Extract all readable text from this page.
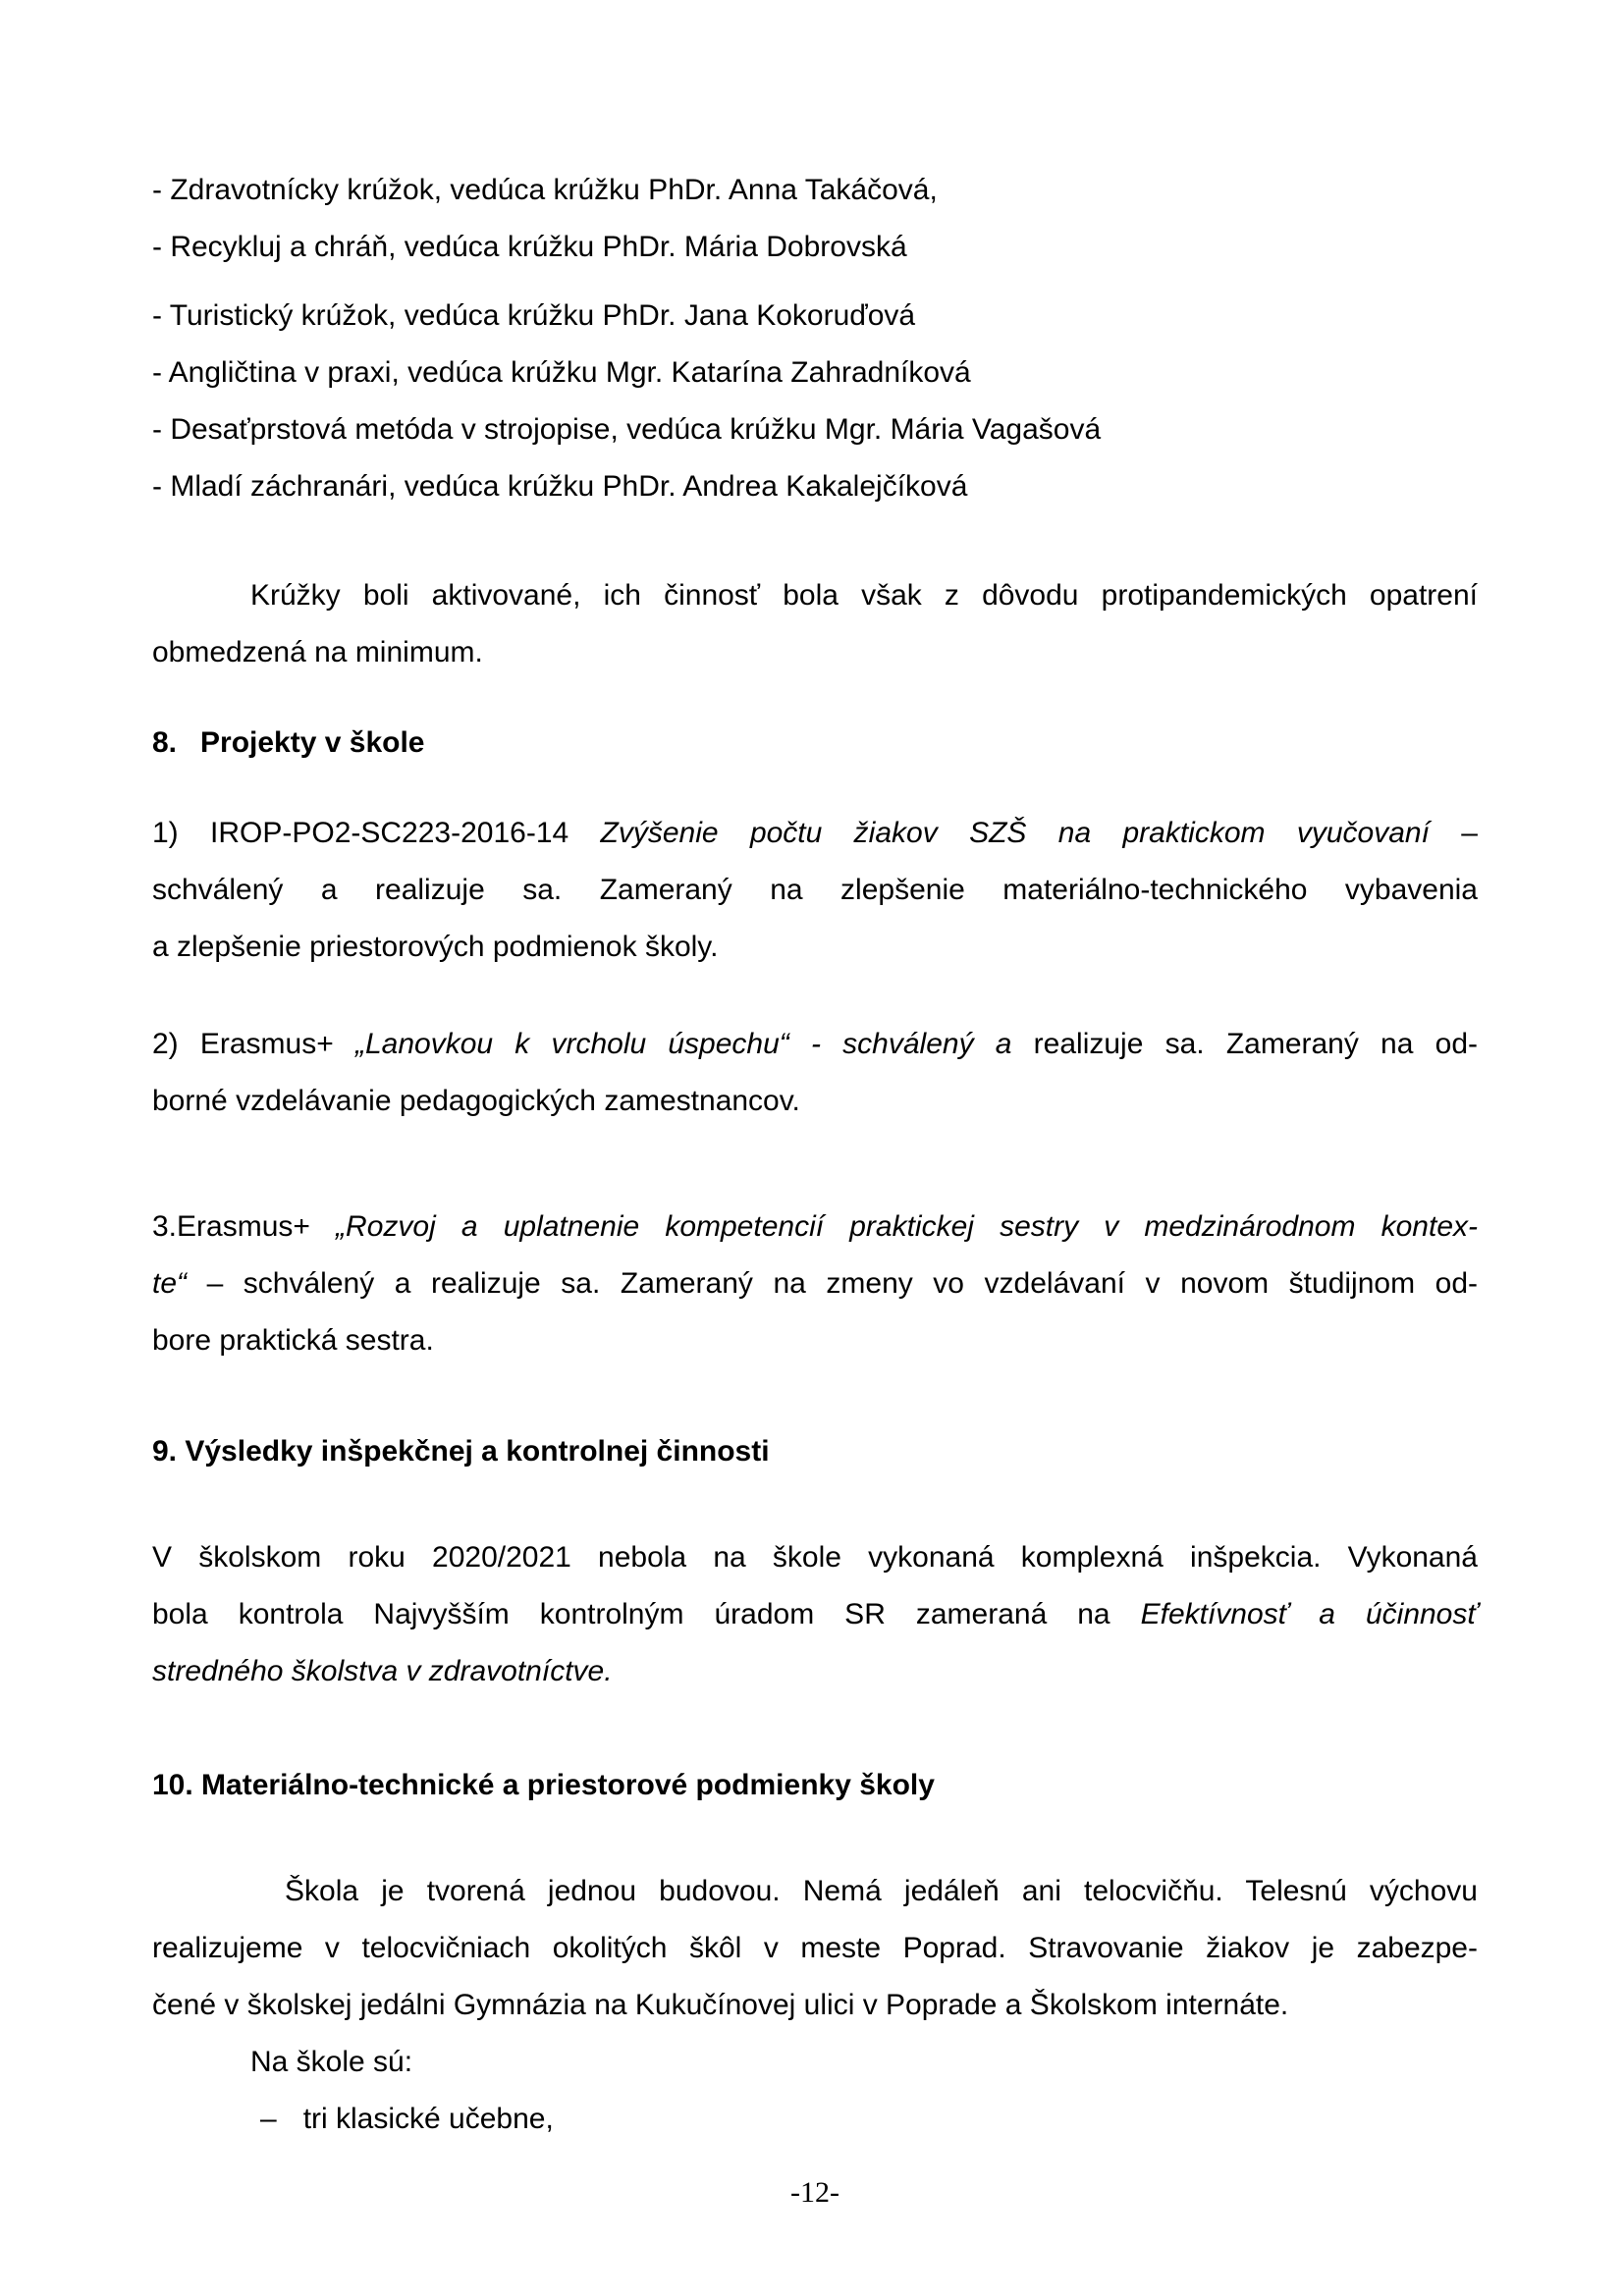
- Zdravotnícky krúžok, vedúca krúžku PhDr. Anna Takáčová,
- Recykluj a chráň, vedúca krúžku PhDr. Mária Dobrovská
- Turistický krúžok, vedúca krúžku PhDr. Jana Kokoruďová
- Angličtina v praxi, vedúca krúžku Mgr. Katarína Zahradníková
- Desaťprstová metóda v strojopise, vedúca krúžku Mgr. Mária Vagašová
- Mladí záchranári, vedúca krúžku PhDr. Andrea Kakalejčíková
Krúžky boli aktivované, ich činnosť bola však z dôvodu protipandemických opatrení
obmedzená na minimum.
8. Projekty v škole
1) IROP-PO2-SC223-2016-14 Zvýšenie počtu žiakov SZŠ na praktickom vyučovaní –
schválený a realizuje sa. Zameraný na zlepšenie materiálno-technického vybavenia
a zlepšenie priestorových podmienok školy.
2) Erasmus+ „Lanovkou k vrcholu úspechu“ - schválený a realizuje sa. Zameraný na od-
borné vzdelávanie pedagogických zamestnancov.
3.Erasmus+ „Rozvoj a uplatnenie kompetencií praktickej sestry v medzinárodnom kontex-
te“ – schválený a realizuje sa. Zameraný na zmeny vo vzdelávaní v novom študijnom od-
bore praktická sestra.
9. Výsledky inšpekčnej a kontrolnej činnosti
V školskom roku 2020/2021 nebola na škole vykonaná komplexná inšpekcia. Vykonaná
bola kontrola Najvyšším kontrolným úradom SR zameraná na Efektívnosť a účinnosť
stredného školstva v zdravotníctve.
10. Materiálno-technické a priestorové podmienky školy
Škola je tvorená jednou budovou. Nemá jedáleň ani telocvičňu. Telesnú výchovu
realizujeme v telocvičniach okolitých škôl v meste Poprad. Stravovanie žiakov je zabezpe-
čené v školskej jedálni Gymnázia na Kukučínovej ulici v Poprade a Školskom internáte.
Na škole sú:
– tri klasické učebne,
-12-
